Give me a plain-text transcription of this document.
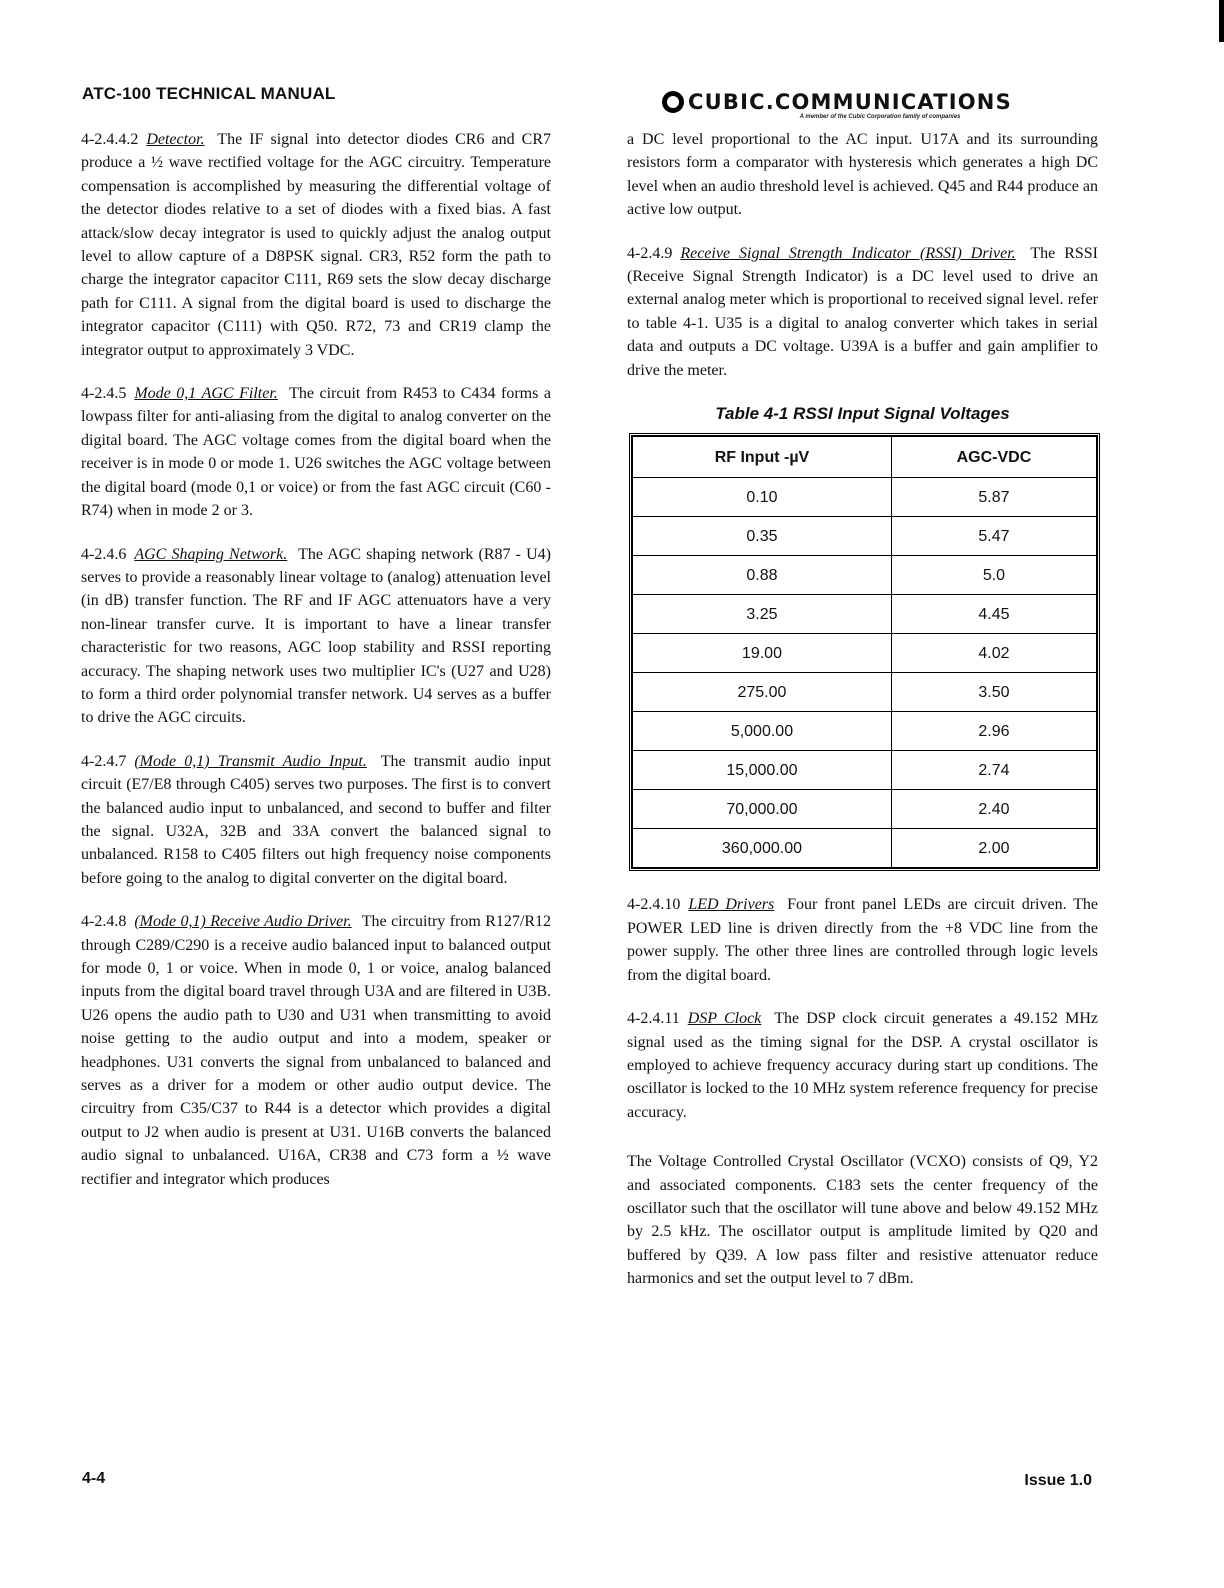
ATC-100 TECHNICAL MANUAL	CUBIC.COMMUNICATIONS
A member of the Cubic Corporation family of companies

4-2.4.4.2 Detector. The IF signal into detector diodes CR6 and CR7 produce a ½ wave rectified voltage for the AGC circuitry. Temperature compensation is accomplished by measuring the differential voltage of the detector diodes relative to a set of diodes with a fixed bias. A fast attack/slow decay integrator is used to quickly adjust the analog output level to allow capture of a D8PSK signal. CR3, R52 form the path to charge the integrator capacitor C111, R69 sets the slow decay discharge path for C111. A signal from the digital board is used to discharge the integrator capacitor (C111) with Q50. R72, 73 and CR19 clamp the integrator output to approximately 3 VDC.

4-2.4.5 Mode 0,1 AGC Filter. The circuit from R453 to C434 forms a lowpass filter for anti-aliasing from the digital to analog converter on the digital board. The AGC voltage comes from the digital board when the receiver is in mode 0 or mode 1. U26 switches the AGC voltage between the digital board (mode 0,1 or voice) or from the fast AGC circuit (C60 - R74) when in mode 2 or 3.

4-2.4.6 AGC Shaping Network. The AGC shaping network (R87 - U4) serves to provide a reasonably linear voltage to (analog) attenuation level (in dB) transfer function. The RF and IF AGC attenuators have a very non-linear transfer curve. It is important to have a linear transfer characteristic for two reasons, AGC loop stability and RSSI reporting accuracy. The shaping network uses two multiplier IC's (U27 and U28) to form a third order polynomial transfer network. U4 serves as a buffer to drive the AGC circuits.

4-2.4.7 (Mode 0,1) Transmit Audio Input. The transmit audio input circuit (E7/E8 through C405) serves two purposes. The first is to convert the balanced audio input to unbalanced, and second to buffer and filter the signal. U32A, 32B and 33A convert the balanced signal to unbalanced. R158 to C405 filters out high frequency noise components before going to the analog to digital converter on the digital board.

4-2.4.8 (Mode 0,1) Receive Audio Driver. The circuitry from R127/R12 through C289/C290 is a receive audio balanced input to balanced output for mode 0, 1 or voice. When in mode 0, 1 or voice, analog balanced inputs from the digital board travel through U3A and are filtered in U3B. U26 opens the audio path to U30 and U31 when transmitting to avoid noise getting to the audio output and into a modem, speaker or headphones. U31 converts the signal from unbalanced to balanced and serves as a driver for a modem or other audio output device. The circuitry from C35/C37 to R44 is a detector which provides a digital output to J2 when audio is present at U31. U16B converts the balanced audio signal to unbalanced. U16A, CR38 and C73 form a ½ wave rectifier and integrator which produces

a DC level proportional to the AC input. U17A and its surrounding resistors form a comparator with hysteresis which generates a high DC level when an audio threshold level is achieved. Q45 and R44 produce an active low output.

4-2.4.9 Receive Signal Strength Indicator (RSSI) Driver. The RSSI (Receive Signal Strength Indicator) is a DC level used to drive an external analog meter which is proportional to received signal level. refer to table 4-1. U35 is a digital to analog converter which takes in serial data and outputs a DC voltage. U39A is a buffer and gain amplifier to drive the meter.

Table 4-1 RSSI Input Signal Voltages
RF Input -µV	AGC-VDC
0.10	5.87
0.35	5.47
0.88	5.0
3.25	4.45
19.00	4.02
275.00	3.50
5,000.00	2.96
15,000.00	2.74
70,000.00	2.40
360,000.00	2.00

4-2.4.10 LED Drivers Four front panel LEDs are circuit driven. The POWER LED line is driven directly from the +8 VDC line from the power supply. The other three lines are controlled through logic levels from the digital board.

4-2.4.11 DSP Clock The DSP clock circuit generates a 49.152 MHz signal used as the timing signal for the DSP. A crystal oscillator is employed to achieve frequency accuracy during start up conditions. The oscillator is locked to the 10 MHz system reference frequency for precise accuracy.

The Voltage Controlled Crystal Oscillator (VCXO) consists of Q9, Y2 and associated components. C183 sets the center frequency of the oscillator such that the oscillator will tune above and below 49.152 MHz by 2.5 kHz. The oscillator output is amplitude limited by Q20 and buffered by Q39. A low pass filter and resistive attenuator reduce harmonics and set the output level to 7 dBm.

4-4	Issue 1.0
